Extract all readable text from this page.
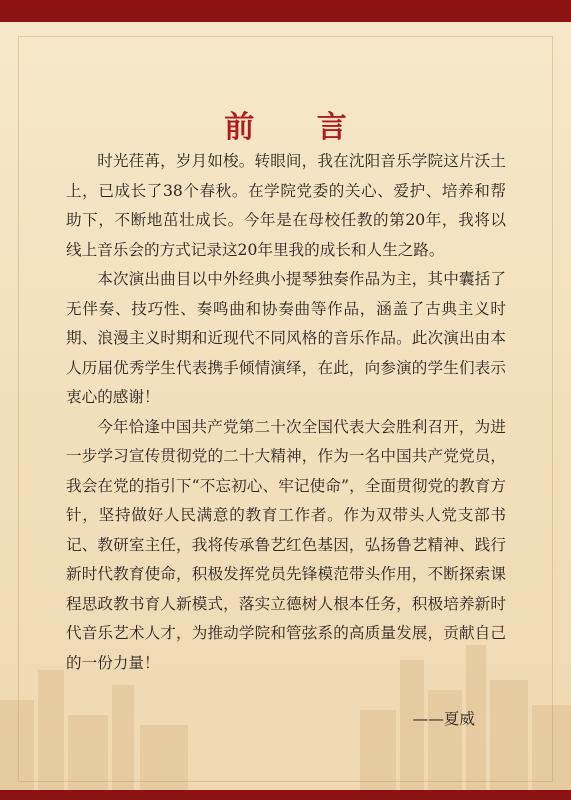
前 言

时光荏苒，岁月如梭。转眼间，我在沈阳音乐学院这片沃土上，已成长了38个春秋。在学院党委的关心、爱护、培养和帮助下，不断地茁壮成长。今年是在母校任教的第20年，我将以线上音乐会的方式记录这20年里我的成长和人生之路。

本次演出曲目以中外经典小提琴独奏作品为主，其中囊括了无伴奏、技巧性、奏鸣曲和协奏曲等作品，涵盖了古典主义时期、浪漫主义时期和近现代不同风格的音乐作品。此次演出由本人历届优秀学生代表携手倾情演绎，在此，向参演的学生们表示衷心的感谢！

今年恰逢中国共产党第二十次全国代表大会胜利召开，为进一步学习宣传贯彻党的二十大精神，作为一名中国共产党党员，我会在党的指引下“不忘初心、牢记使命”，全面贯彻党的教育方针，坚持做好人民满意的教育工作者。作为双带头人党支部书记、教研室主任，我将传承鲁艺红色基因，弘扬鲁艺精神、践行新时代教育使命，积极发挥党员先锋模范带头作用，不断探索课程思政教书育人新模式，落实立德树人根本任务，积极培养新时代音乐艺术人才，为推动学院和管弦系的高质量发展，贡献自己的一份力量！

——夏威
